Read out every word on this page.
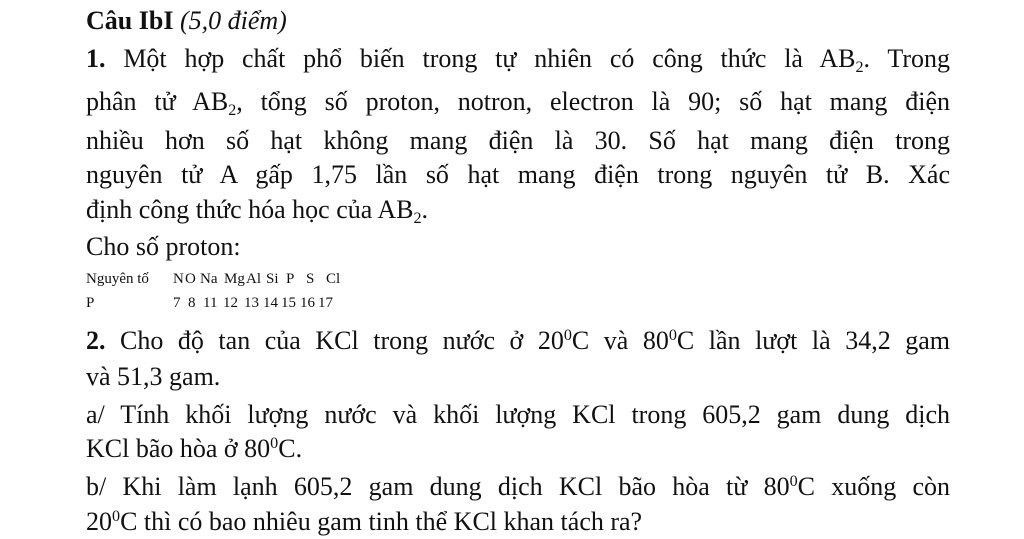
Câu IbI (5,0 điểm)
1. Một hợp chất phổ biến trong tự nhiên có công thức là $AB_2$. Trong
phân tử $AB_2$, tổng số proton, notron, electron là 90; số hạt mang điện
nhiều hơn số hạt không mang điện là 30. Số hạt mang điện trong
nguyên tử A gấp 1,75 lần số hạt mang điện trong nguyên tử B. Xác
định công thức hóa học của $AB_2$.
Cho số proton:
Nguyên tố N O Na Mg Al Si P S Cl
P	7 8 11 12 13 14 15 16 17
2. Cho độ tan của KCl trong nước ở $20^0C$ và $80^0C$ lần lượt là 34,2 gam
và 51,3 gam.
a/ Tính khối lượng nước và khối lượng KCl trong 605,2 gam dung dịch
KCl bão hòa ở $80^0C$.
b/ Khi làm lạnh 605,2 gam dung dịch KCl bão hòa từ $80^0C$ xuống còn
$20^0C$ thì có bao nhiêu gam tinh thể KCl khan tách ra?
